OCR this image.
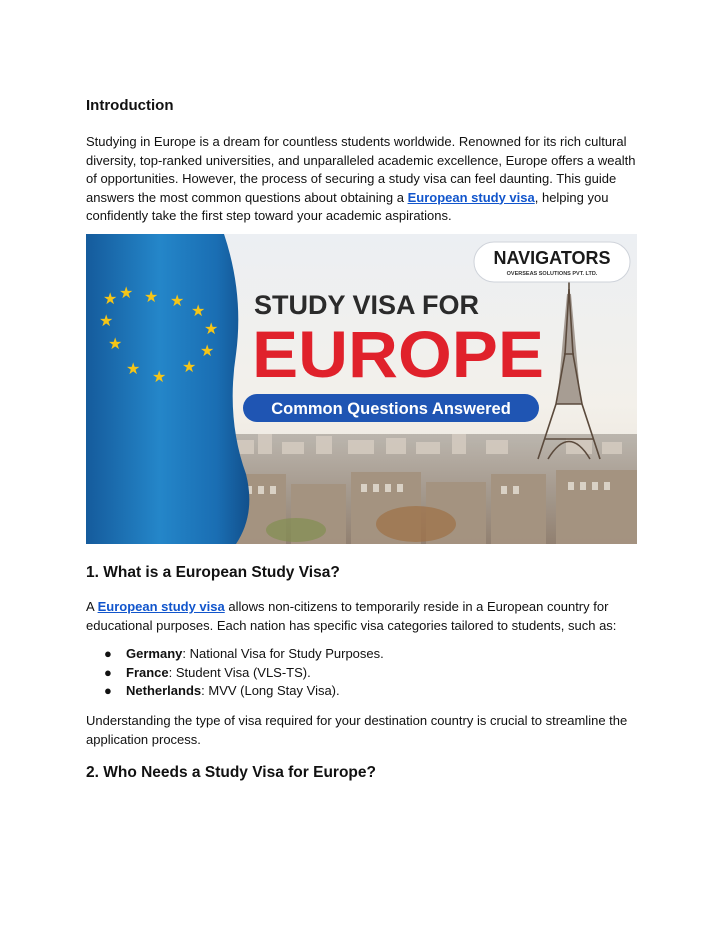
Introduction

Studying in Europe is a dream for countless students worldwide. Renowned for its rich cultural diversity, top-ranked universities, and unparalleled academic excellence, Europe offers a wealth of opportunities. However, the process of securing a study visa can feel daunting. This guide answers the most common questions about obtaining a European study visa, helping you confidently take the first step toward your academic aspirations.

1. What is a European Study Visa?

A European study visa allows non-citizens to temporarily reside in a European country for educational purposes. Each nation has specific visa categories tailored to students, such as:

● Germany: National Visa for Study Purposes.
● France: Student Visa (VLS-TS).
● Netherlands: MVV (Long Stay Visa).

Understanding the type of visa required for your destination country is crucial to streamline the application process.

2. Who Needs a Study Visa for Europe?
★ ★ ★ ★
★
★
★
★
★
★
★
★
NAVIGATORS
OVERSEAS SOLUTIONS PVT. LTD.
STUDY VISA FOR
EUROPE
Common Questions Answered
